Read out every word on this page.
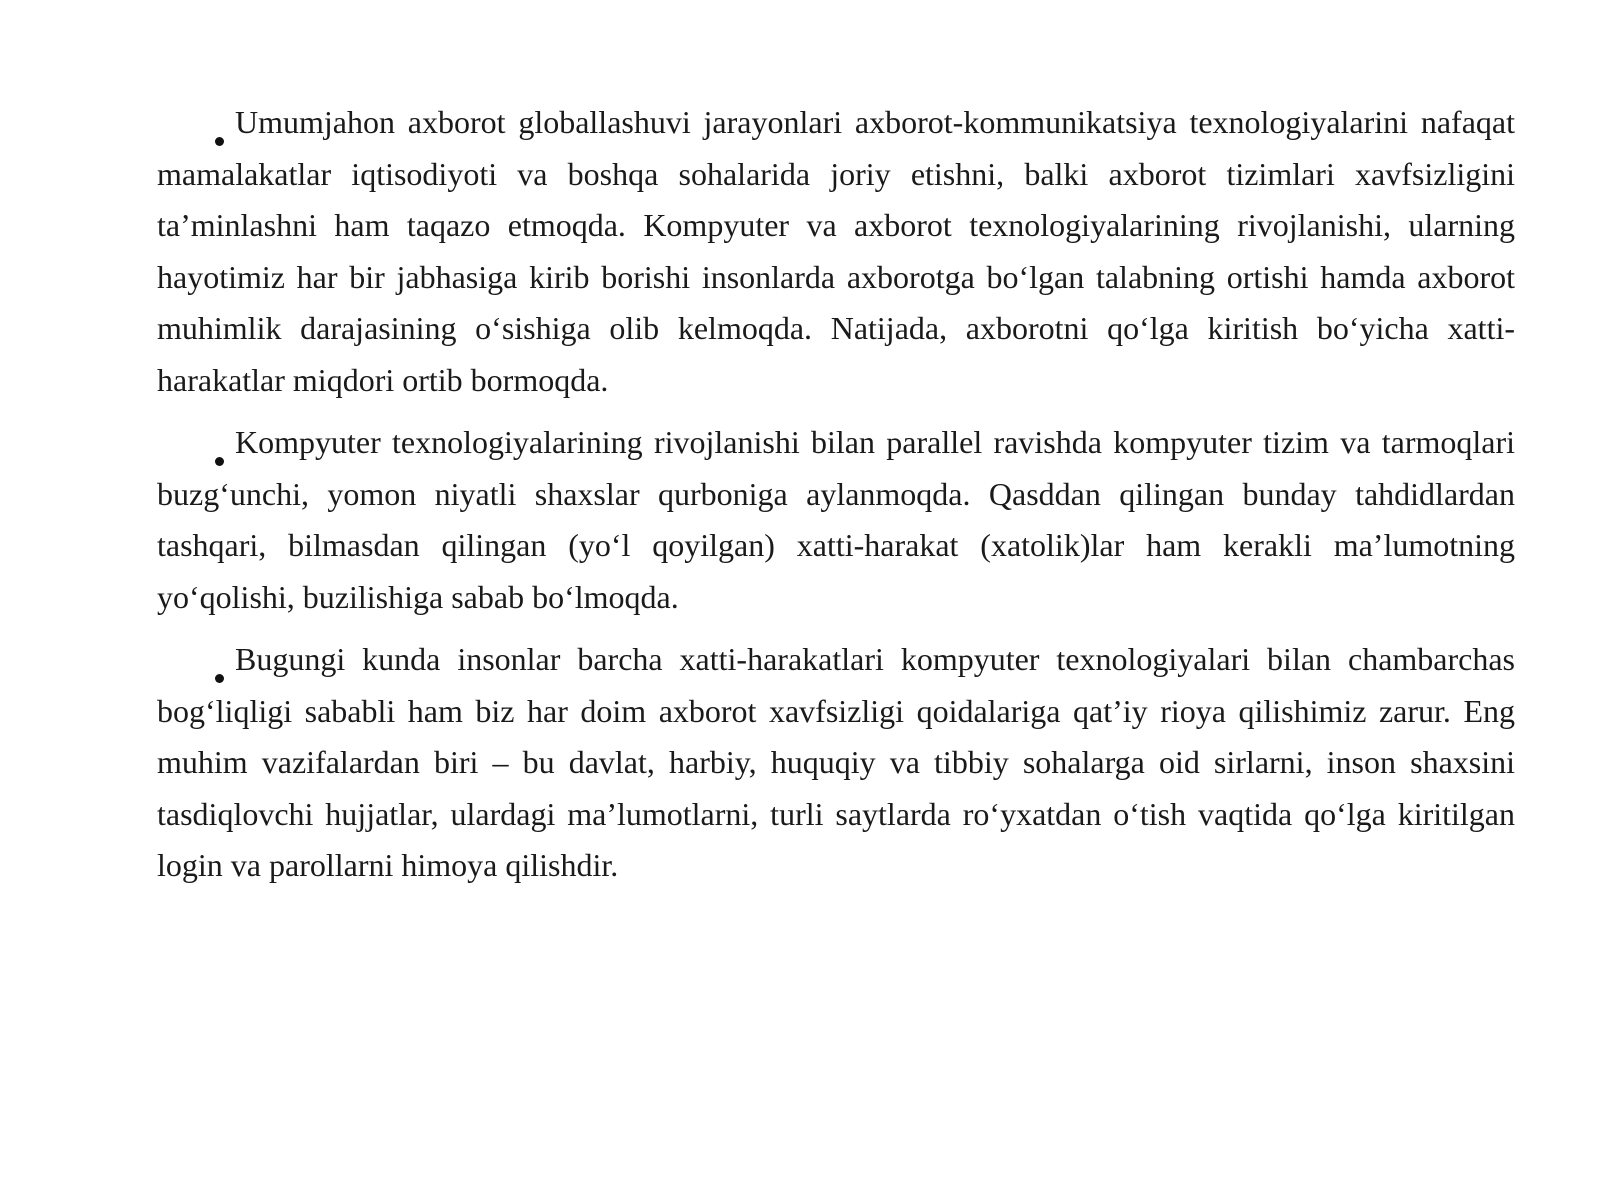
Umumjahon axborot globallashuvi jarayonlari axborot-kommunikatsiya texnologiyalarini nafaqat mamalakatlar iqtisodiyoti va boshqa sohalarida joriy etishni, balki axborot tizimlari xavfsizligini ta’minlashni ham taqazo etmoqda. Kompyuter va axborot texnologiyalarining rivojlanishi, ularning hayotimiz har bir jabhasiga kirib borishi insonlarda axborotga bo‘lgan talabning ortishi hamda axborot muhimlik darajasining o‘sishiga olib kelmoqda. Natijada, axborotni qo‘lga kiritish bo‘yicha xatti-harakatlar miqdori ortib bormoqda.

Kompyuter texnologiyalarining rivojlanishi bilan parallel ravishda kompyuter tizim va tarmoqlari buzg‘unchi, yomon niyatli shaxslar qurboniga aylanmoqda. Qasddan qilingan bunday tahdidlardan tashqari, bilmasdan qilingan (yo‘l qoyilgan) xatti-harakat (xatolik)lar ham kerakli ma’lumotning yo‘qolishi, buzilishiga sabab bo‘lmoqda.

Bugungi kunda insonlar barcha xatti-harakatlari kompyuter texnologiyalari bilan chambarchas bog‘liqligi sababli ham biz har doim axborot xavfsizligi qoidalariga qat’iy rioya qilishimiz zarur. Eng muhim vazifalardan biri – bu davlat, harbiy, huquqiy va tibbiy sohalarga oid sirlarni, inson shaxsini tasdiqlovchi hujjatlar, ulardagi ma’lumotlarni, turli saytlarda ro‘yxatdan o‘tish vaqtida qo‘lga kiritilgan login va parollarni himoya qilishdir.
